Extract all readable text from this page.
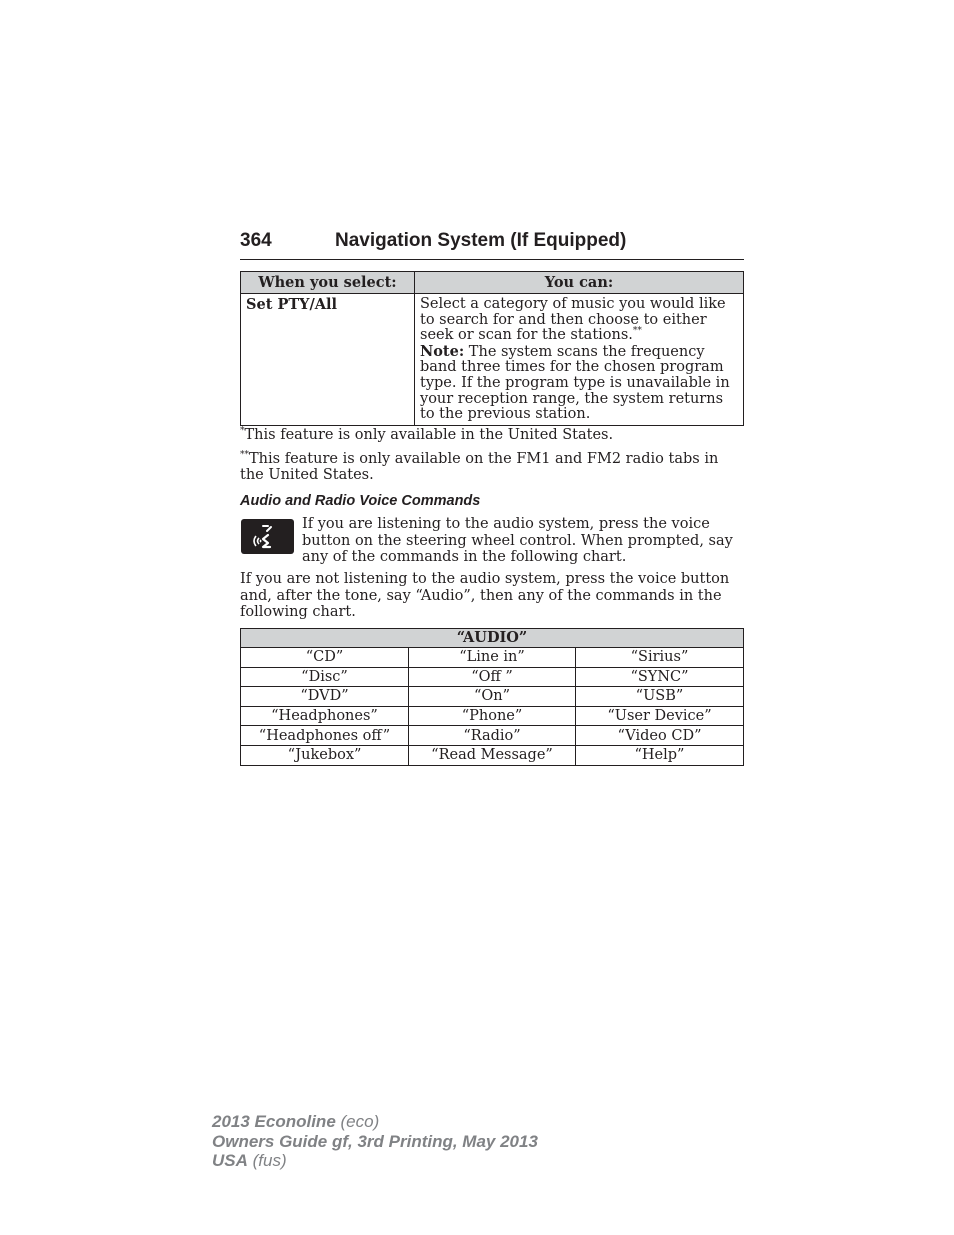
364	Navigation System (If Equipped)
When you select:	You can:
Set PTY/All	Select a category of music you would like to search for and then choose to either seek or scan for the stations.**
Note: The system scans the frequency band three times for the chosen program type. If the program type is unavailable in your reception range, the system returns to the previous station.
*This feature is only available in the United States.
**This feature is only available on the FM1 and FM2 radio tabs in the United States.
Audio and Radio Voice Commands
If you are listening to the audio system, press the voice button on the steering wheel control. When prompted, say any of the commands in the following chart.
If you are not listening to the audio system, press the voice button and, after the tone, say “Audio”, then any of the commands in the following chart.
“AUDIO”		
“CD”	“Line in”	“Sirius”
“Disc”	“Off ”	“SYNC”
“DVD”	“On”	“USB”
“Headphones”	“Phone”	“User Device”
“Headphones off”	“Radio”	“Video CD”
“Jukebox”	“Read Message”	“Help”
2013 Econoline (eco)
Owners Guide gf, 3rd Printing, May 2013
USA (fus)
